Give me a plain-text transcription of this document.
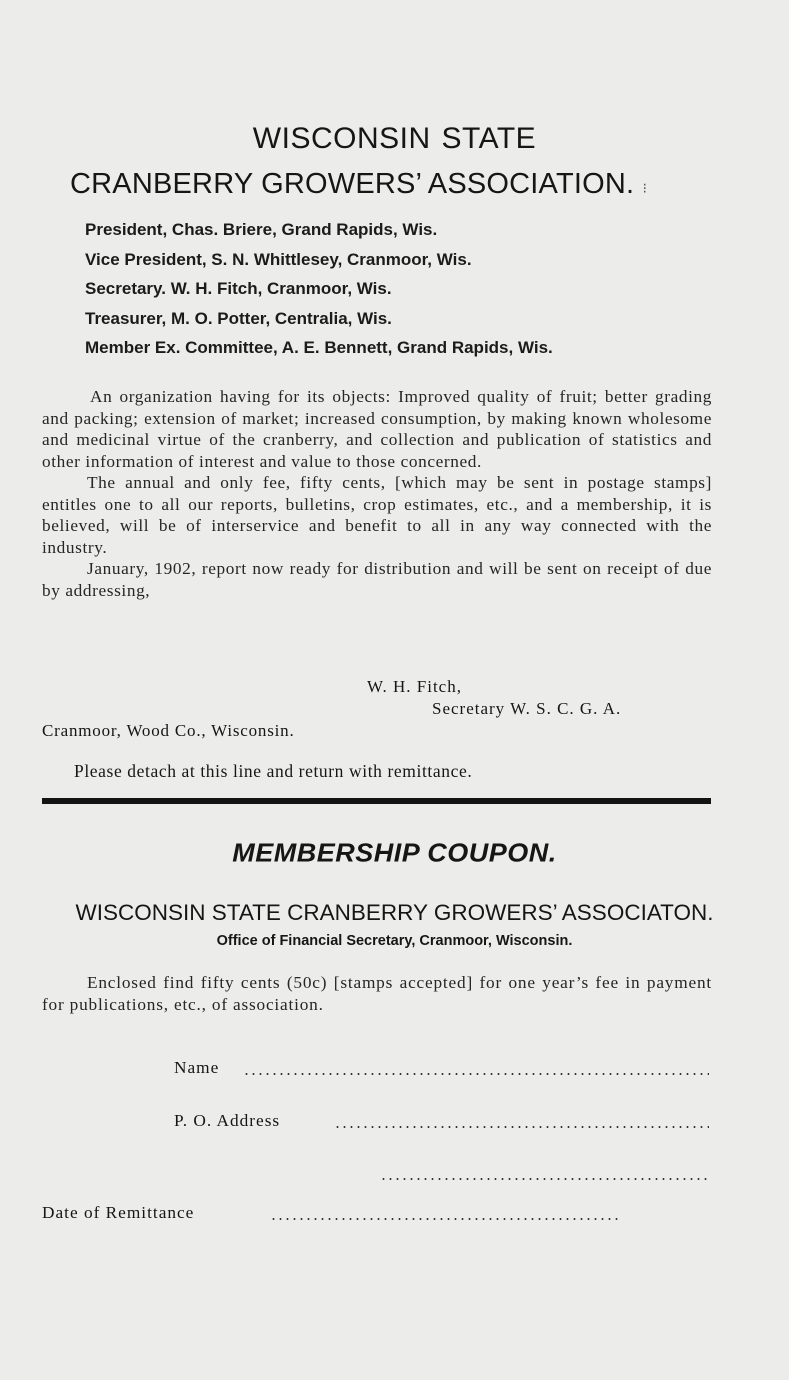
WISCONSIN STATE
CRANBERRY GROWERS’ ASSOCIATION. ⁝
President, Chas. Briere, Grand Rapids, Wis.
Vice President, S. N. Whittlesey, Cranmoor, Wis.
Secretary. W. H. Fitch, Cranmoor, Wis.
Treasurer, M. O. Potter, Centralia, Wis.
Member Ex. Committee, A. E. Bennett, Grand Rapids, Wis.

An organization having for its objects: Improved quality of fruit; better grading and packing; extension of market; increased consumption, by making known wholesome and medicinal virtue of the cranberry, and collection and publication of statistics and other information of interest and value to those concerned.

The annual and only fee, fifty cents, [which may be sent in postage stamps] entitles one to all our reports, bulletins, crop estimates, etc., and a membership, it is believed, will be of interservice and benefit to all in any way connected with the industry.

January, 1902, report now ready for distribution and will be sent on receipt of due by addressing,

W. H. Fitch,
Secretary W. S. C. G. A.
Cranmoor, Wood Co., Wisconsin.
Please detach at this line and return with remittance.
MEMBERSHIP COUPON.
WISCONSIN STATE CRANBERRY GROWERS’ ASSOCIATON.
Office of Financial Secretary, Cranmoor, Wisconsin.

Enclosed find fifty cents (50c) [stamps accepted] for one year’s fee in payment for publications, etc., of association.

Name
P. O. Address
Date of Remittance
